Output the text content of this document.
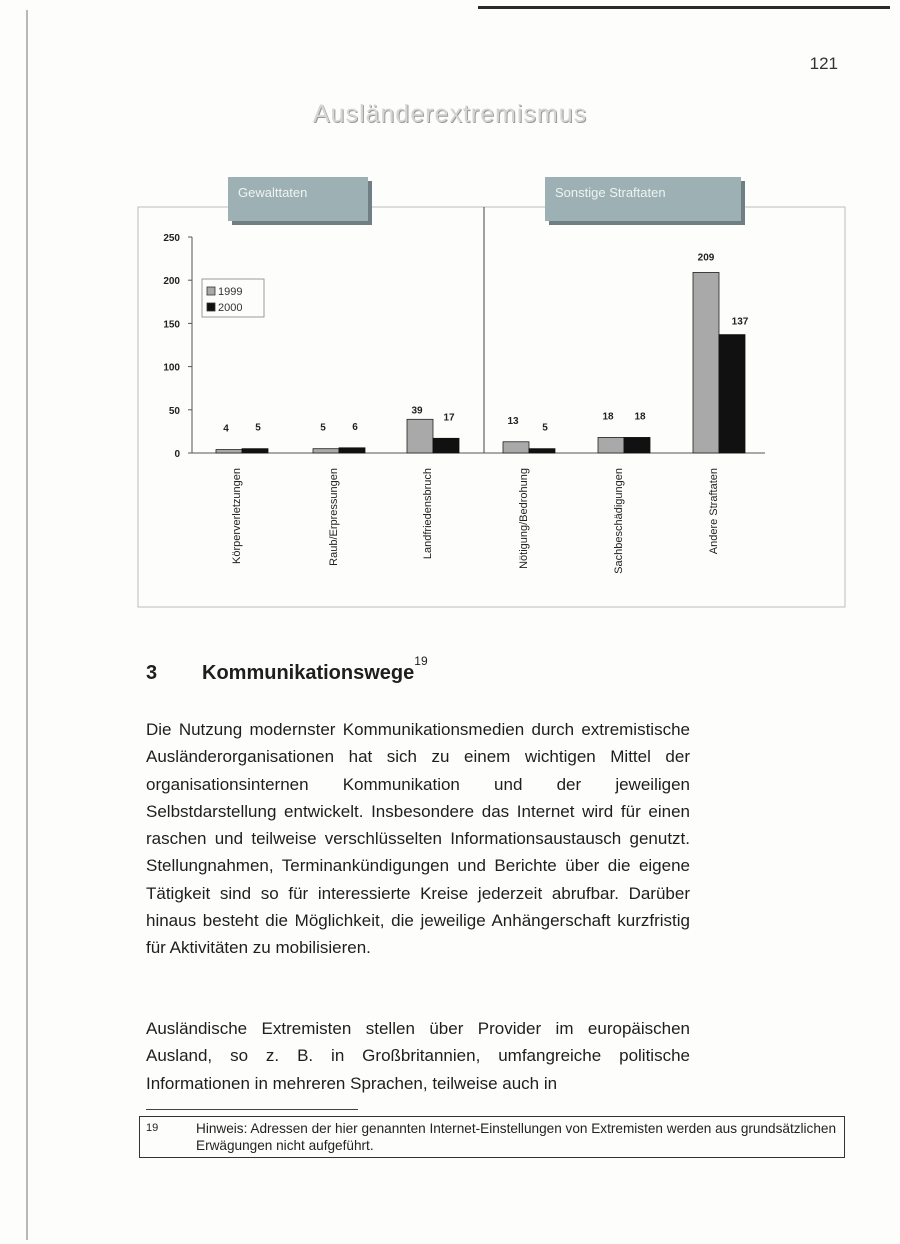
121
Ausländerextremismus
0
50
100
150
200
250
Gewalttaten	Sonstige Straftaten
1999
2000
4	5
Körperverletzungen
5	6
Raub/Erpressungen
39
17
Landfriedensbruch
13
5
Nötigung/Bedrohung
18 18
Sachbeschädigungen
209
137
Andere Straftaten
3 Kommunikationswege$^{19}$

Die Nutzung modernster Kommunikationsmedien durch extremistische Ausländerorganisationen hat sich zu einem wichtigen Mittel der organisationsinternen Kommunikation und der jeweiligen Selbstdarstellung entwickelt. Insbesondere das Internet wird für einen raschen und teilweise verschlüsselten Informationsaustausch genutzt. Stellungnahmen, Terminankündigungen und Berichte über die eigene Tätigkeit sind so für interessierte Kreise jederzeit abrufbar. Darüber hinaus besteht die Möglichkeit, die jeweilige Anhängerschaft kurzfristig für Aktivitäten zu mobilisieren.

Ausländische Extremisten stellen über Provider im europäischen Ausland, so z. B. in Großbritannien, umfangreiche politische Informationen in mehreren Sprachen, teilweise auch in

19	Hinweis: Adressen der hier genannten Internet-Einstellungen von Extremisten werden aus grundsätzlichen Erwägungen nicht aufgeführt.
